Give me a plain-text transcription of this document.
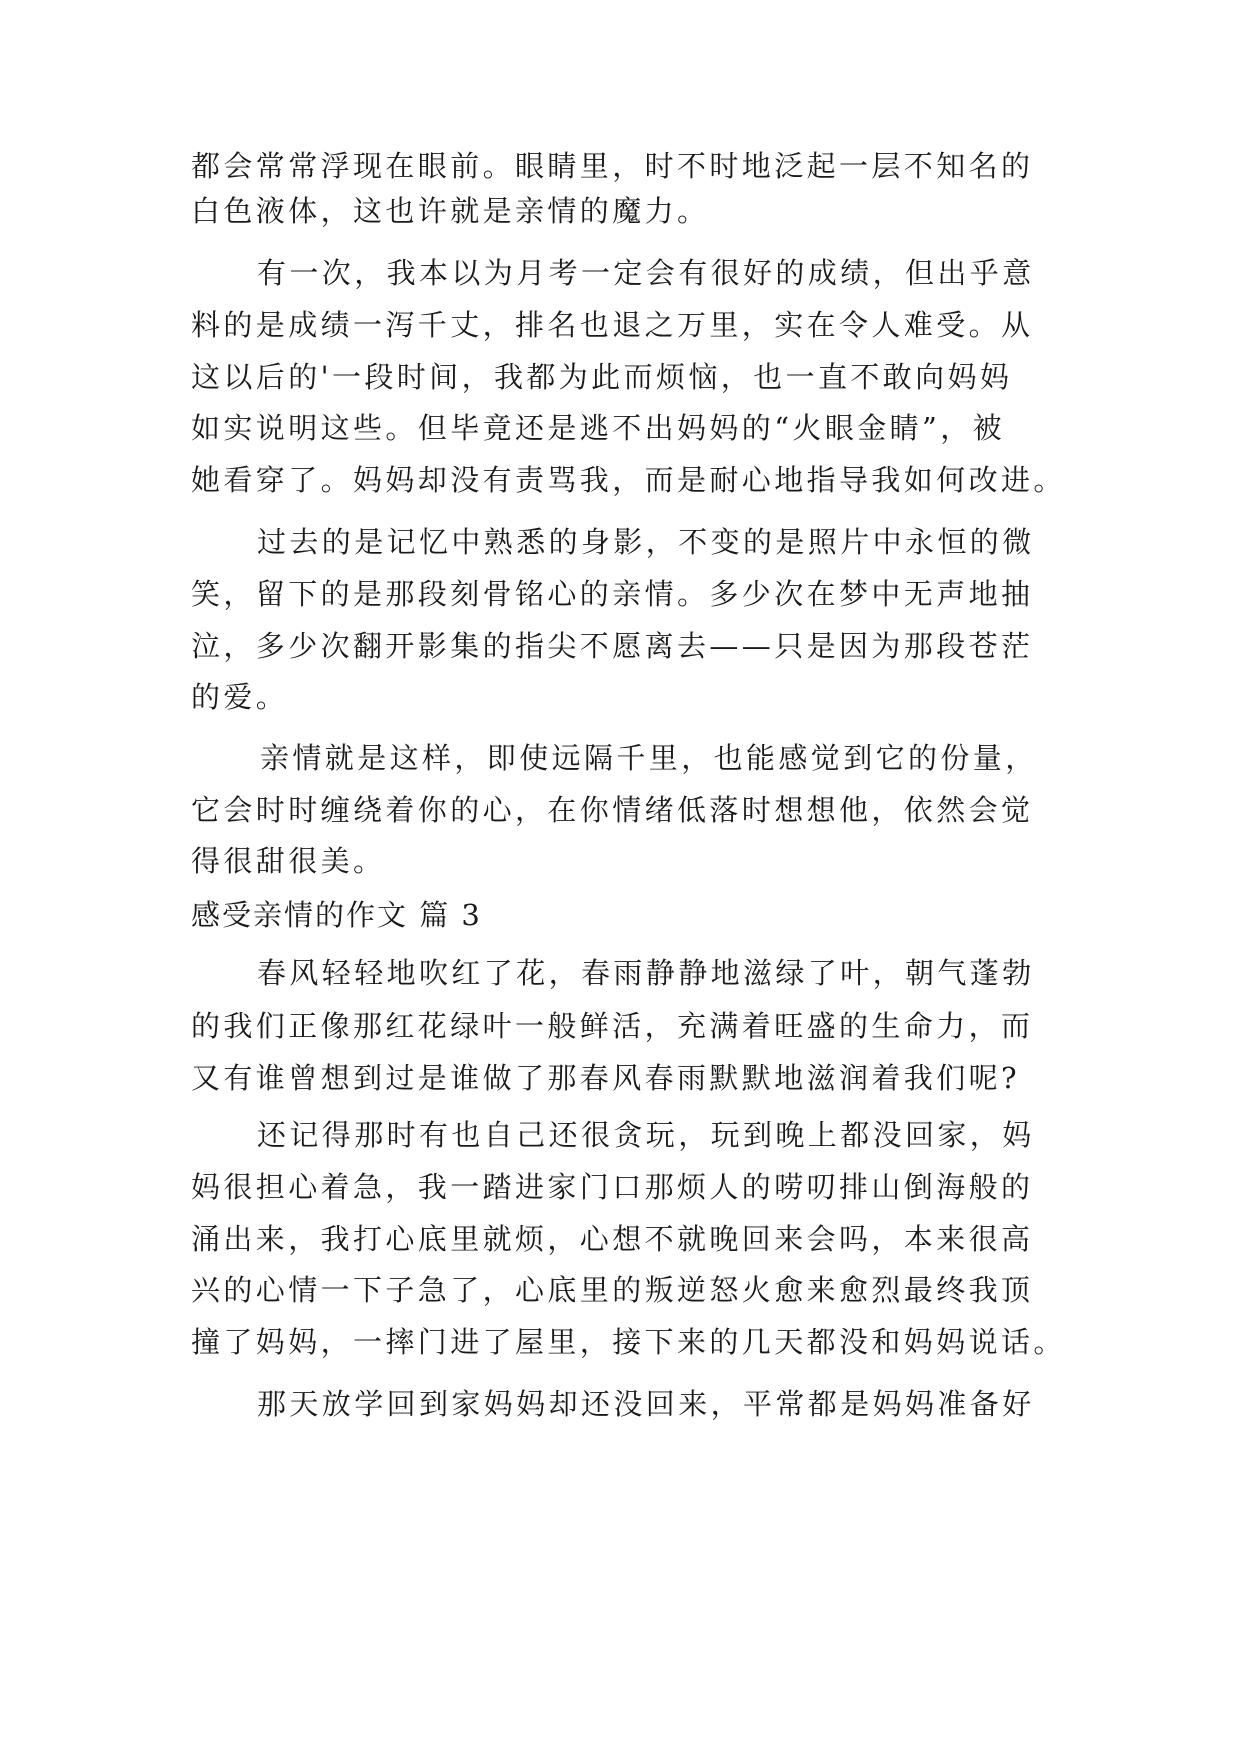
都会常常浮现在眼前。眼睛里，时不时地泛起一层不知名的
白色液体，这也许就是亲情的魔力。
有一次，我本以为月考一定会有很好的成绩，但出乎意
料的是成绩一泻千丈，排名也退之万里，实在令人难受。从
这以后的'一段时间，我都为此而烦恼，也一直不敢向妈妈
如实说明这些。但毕竟还是逃不出妈妈的“火眼金睛”，被
她看穿了。妈妈却没有责骂我，而是耐心地指导我如何改进。
过去的是记忆中熟悉的身影，不变的是照片中永恒的微
笑，留下的是那段刻骨铭心的亲情。多少次在梦中无声地抽
泣，多少次翻开影集的指尖不愿离去——只是因为那段苍茫
的爱。
亲情就是这样，即使远隔千里，也能感觉到它的份量，
它会时时缠绕着你的心，在你情绪低落时想想他，依然会觉
得很甜很美。
感受亲情的作文 篇 3
春风轻轻地吹红了花，春雨静静地滋绿了叶，朝气蓬勃
的我们正像那红花绿叶一般鲜活，充满着旺盛的生命力，而
又有谁曾想到过是谁做了那春风春雨默默地滋润着我们呢?
还记得那时有也自己还很贪玩，玩到晚上都没回家，妈
妈很担心着急，我一踏进家门口那烦人的唠叨排山倒海般的
涌出来，我打心底里就烦，心想不就晚回来会吗，本来很高
兴的心情一下子急了，心底里的叛逆怒火愈来愈烈最终我顶
撞了妈妈，一摔门进了屋里，接下来的几天都没和妈妈说话。
那天放学回到家妈妈却还没回来，平常都是妈妈准备好
